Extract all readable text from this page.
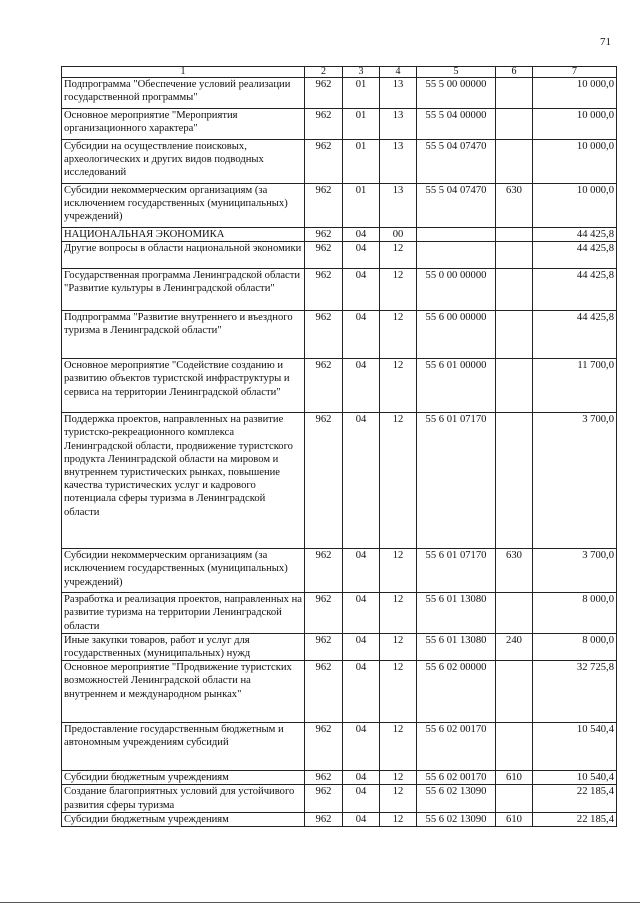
71
1	2	3	4	5	6	7
Подпрограмма "Обеспечение условий реализации государственной программы"	962	01	13	55 5 00 00000		10 000,0
Основное мероприятие "Мероприятия организационного характера"	962	01	13	55 5 04 00000		10 000,0
Субсидии на осуществление поисковых, археологических и других видов подводных исследований	962	01	13	55 5 04 07470		10 000,0
Субсидии некоммерческим организациям (за исключением государственных (муниципальных) учреждений)	962	01	13	55 5 04 07470	630	10 000,0
НАЦИОНАЛЬНАЯ ЭКОНОМИКА	962	04	00			44 425,8
Другие вопросы в области национальной экономики	962	04	12			44 425,8
Государственная программа Ленинградской области "Развитие культуры в Ленинградской области"	962	04	12	55 0 00 00000		44 425,8
Подпрограмма "Развитие внутреннего и въездного туризма в Ленинградской области"	962	04	12	55 6 00 00000		44 425,8
Основное мероприятие "Содействие созданию и развитию объектов туристской инфраструктуры и сервиса на территории Ленинградской области"	962	04	12	55 6 01 00000		11 700,0
Поддержка проектов, направленных на развитие туристско-рекреационного комплекса Ленинградской области, продвижение туристского продукта Ленинградской области на мировом и внутреннем туристических рынках, повышение качества туристических услуг и кадрового потенциала сферы туризма в Ленинградской области	962	04	12	55 6 01 07170		3 700,0
Субсидии некоммерческим организациям (за исключением государственных (муниципальных) учреждений)	962	04	12	55 6 01 07170	630	3 700,0
Разработка и реализация проектов, направленных на развитие туризма на территории Ленинградской области	962	04	12	55 6 01 13080		8 000,0
Иные закупки товаров, работ и услуг для государственных (муниципальных) нужд	962	04	12	55 6 01 13080	240	8 000,0
Основное мероприятие "Продвижение туристских возможностей Ленинградской области на внутреннем и международном рынках"	962	04	12	55 6 02 00000		32 725,8
Предоставление государственным бюджетным и автономным учреждениям субсидий	962	04	12	55 6 02 00170		10 540,4
Субсидии бюджетным учреждениям	962	04	12	55 6 02 00170	610	10 540,4
Создание благоприятных условий для устойчивого развития сферы туризма	962	04	12	55 6 02 13090		22 185,4
Субсидии бюджетным учреждениям	962	04	12	55 6 02 13090	610	22 185,4
